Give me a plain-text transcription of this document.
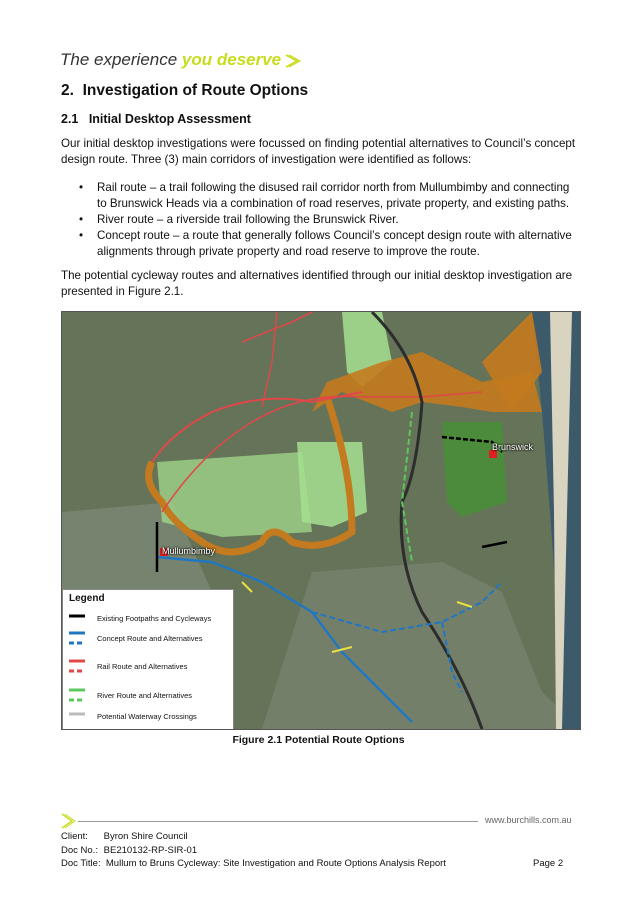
The experience you deserve
2. Investigation of Route Options
2.1 Initial Desktop Assessment

Our initial desktop investigations were focussed on finding potential alternatives to Council’s concept design route. Three (3) main corridors of investigation were identified as follows:

• Rail route – a trail following the disused rail corridor north from Mullumbimby and connecting to Brunswick Heads via a combination of road reserves, private property, and existing paths.
• River route – a riverside trail following the Brunswick River.
• Concept route – a route that generally follows Council’s concept design route with alternative alignments through private property and road reserve to improve the route.

The potential cycleway routes and alternatives identified through our initial desktop investigation are presented in Figure 2.1.

Brunswick
Mullumbimby
Legend
Existing Footpaths and Cycleways
Concept Route and Alternatives
Rail Route and Alternatives
River Route and Alternatives
Potential Waterway Crossings
Figure 2.1 Potential Route Options
www.burchills.com.au
Client: Byron Shire Council
Doc No.: BE210132-RP-SIR-01
Doc Title: Mullum to Bruns Cycleway: Site Investigation and Route Options Analysis Report	Page 2
